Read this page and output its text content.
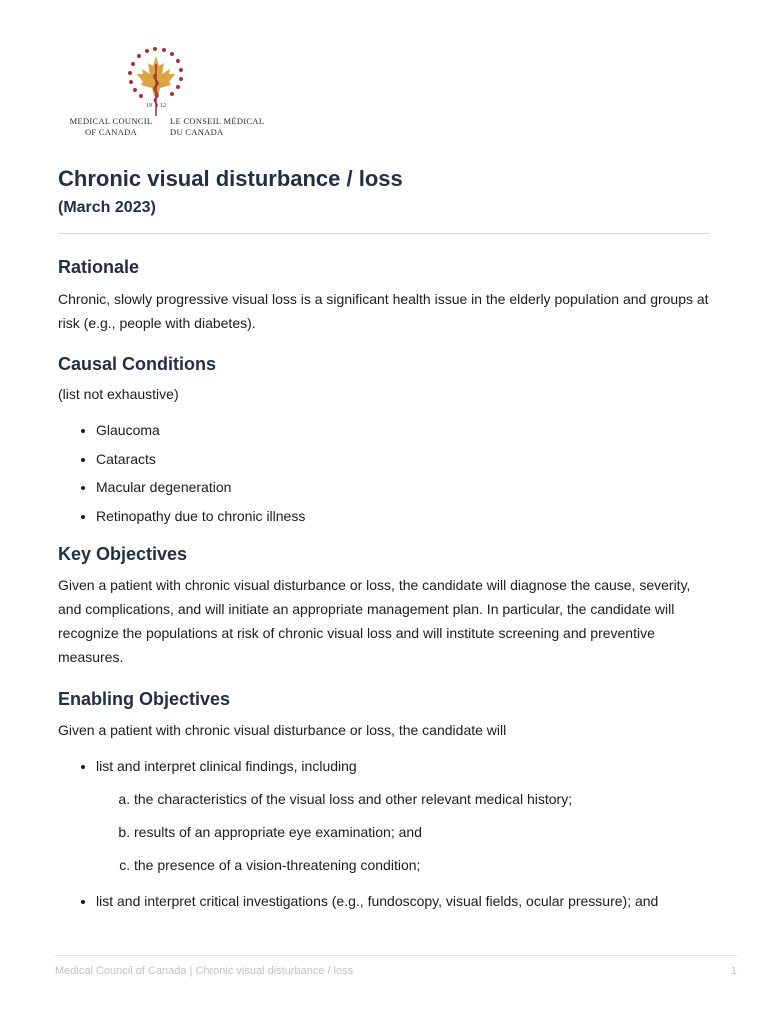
19 12
MEDICAL COUNCIL
OF CANADA
LE CONSEIL MÉDICAL
DU CANADA
Chronic visual disturbance / loss
(March 2023)
Rationale

Chronic, slowly progressive visual loss is a significant health issue in the elderly population and groups at risk (e.g., people with diabetes).

Causal Conditions

(list not exhaustive)

• Glaucoma
• Cataracts
• Macular degeneration
• Retinopathy due to chronic illness
Key Objectives

Given a patient with chronic visual disturbance or loss, the candidate will diagnose the cause, severity, and complications, and will initiate an appropriate management plan. In particular, the candidate will recognize the populations at risk of chronic visual loss and will institute screening and preventive measures.

Enabling Objectives

Given a patient with chronic visual disturbance or loss, the candidate will

• list and interpret clinical findings, including
a. the characteristics of the visual loss and other relevant medical history;
b. results of an appropriate eye examination; and
c. the presence of a vision-threatening condition;
• list and interpret critical investigations (e.g., fundoscopy, visual fields, ocular pressure); and
Medical Council of Canada | Chronic visual disturbance / loss	1
